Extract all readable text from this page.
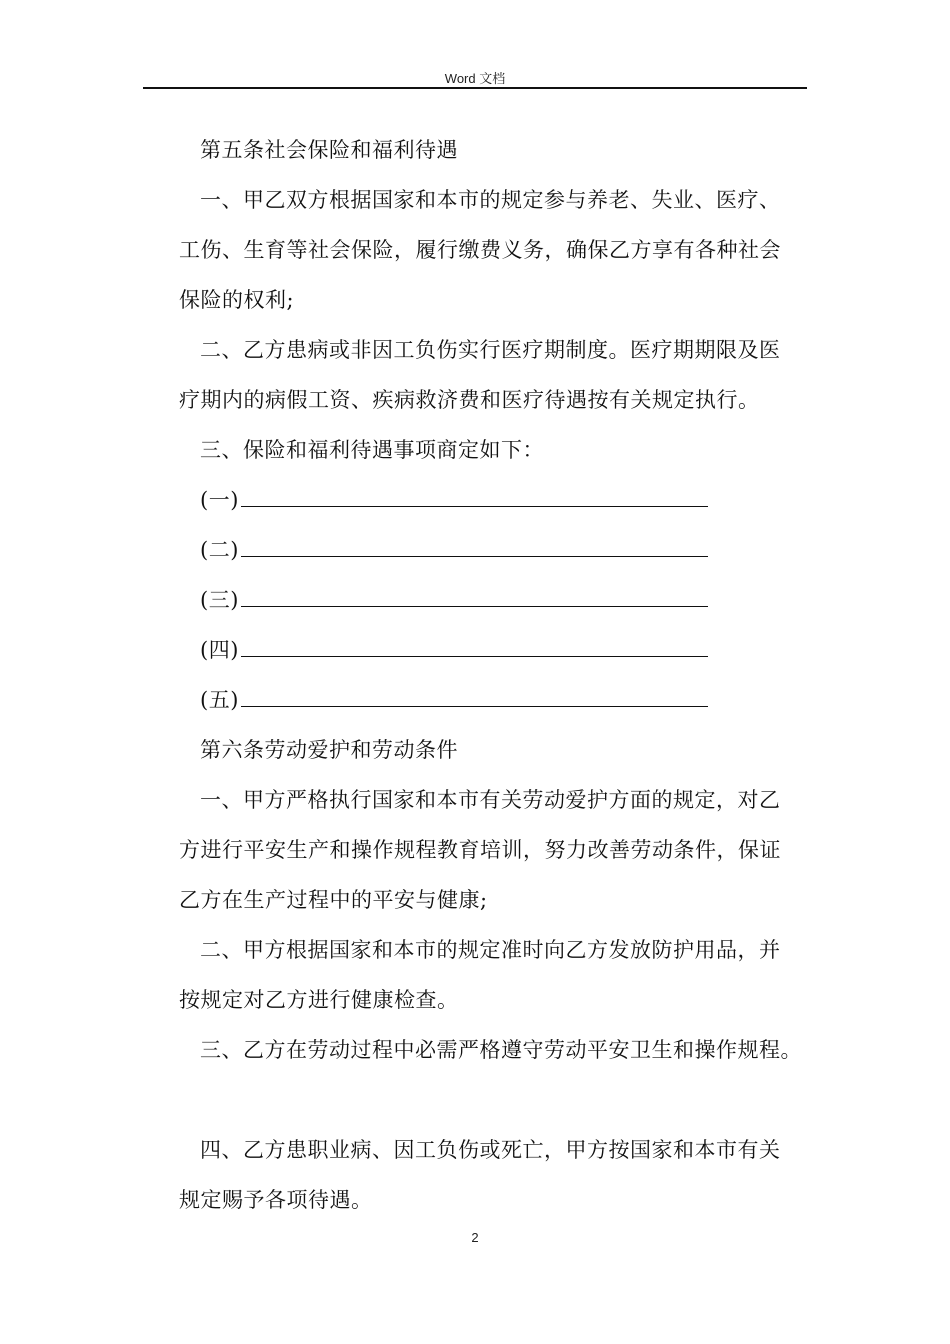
Word 文档
第五条社会保险和福利待遇
一、甲乙双方根据国家和本市的规定参与养老、失业、医疗、
工伤、生育等社会保险，履行缴费义务，确保乙方享有各种社会
保险的权利;
二、乙方患病或非因工负伤实行医疗期制度。医疗期期限及医
疗期内的病假工资、疾病救济费和医疗待遇按有关规定执行。
三、保险和福利待遇事项商定如下：
(一)
(二)
(三)
(四)
(五)
第六条劳动爱护和劳动条件
一、甲方严格执行国家和本市有关劳动爱护方面的规定，对乙
方进行平安生产和操作规程教育培训，努力改善劳动条件，保证
乙方在生产过程中的平安与健康;
二、甲方根据国家和本市的规定准时向乙方发放防护用品，并
按规定对乙方进行健康检查。
三、乙方在劳动过程中必需严格遵守劳动平安卫生和操作规程。
四、乙方患职业病、因工负伤或死亡，甲方按国家和本市有关
规定赐予各项待遇。
2
